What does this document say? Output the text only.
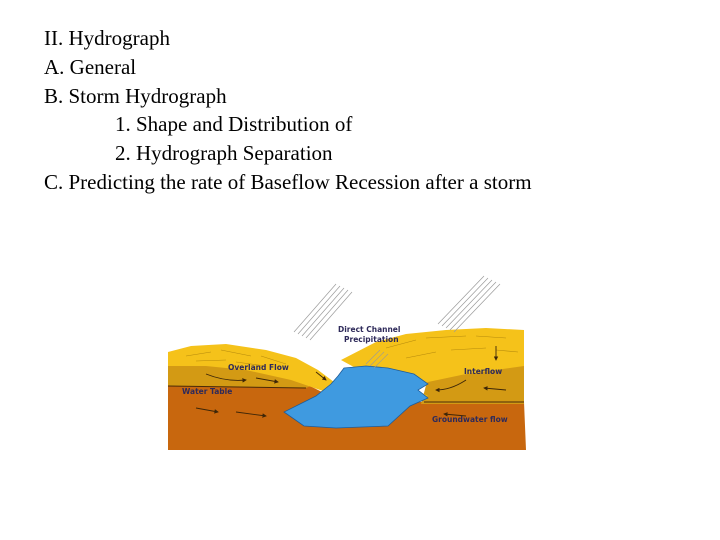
II. Hydrograph
A. General
B. Storm Hydrograph
1. Shape and Distribution of
2. Hydrograph Separation
C. Predicting the rate of Baseflow Recession after a storm
Direct Channel
Precipitation
Overland Flow	Interflow
Water Table
Groundwater flow
